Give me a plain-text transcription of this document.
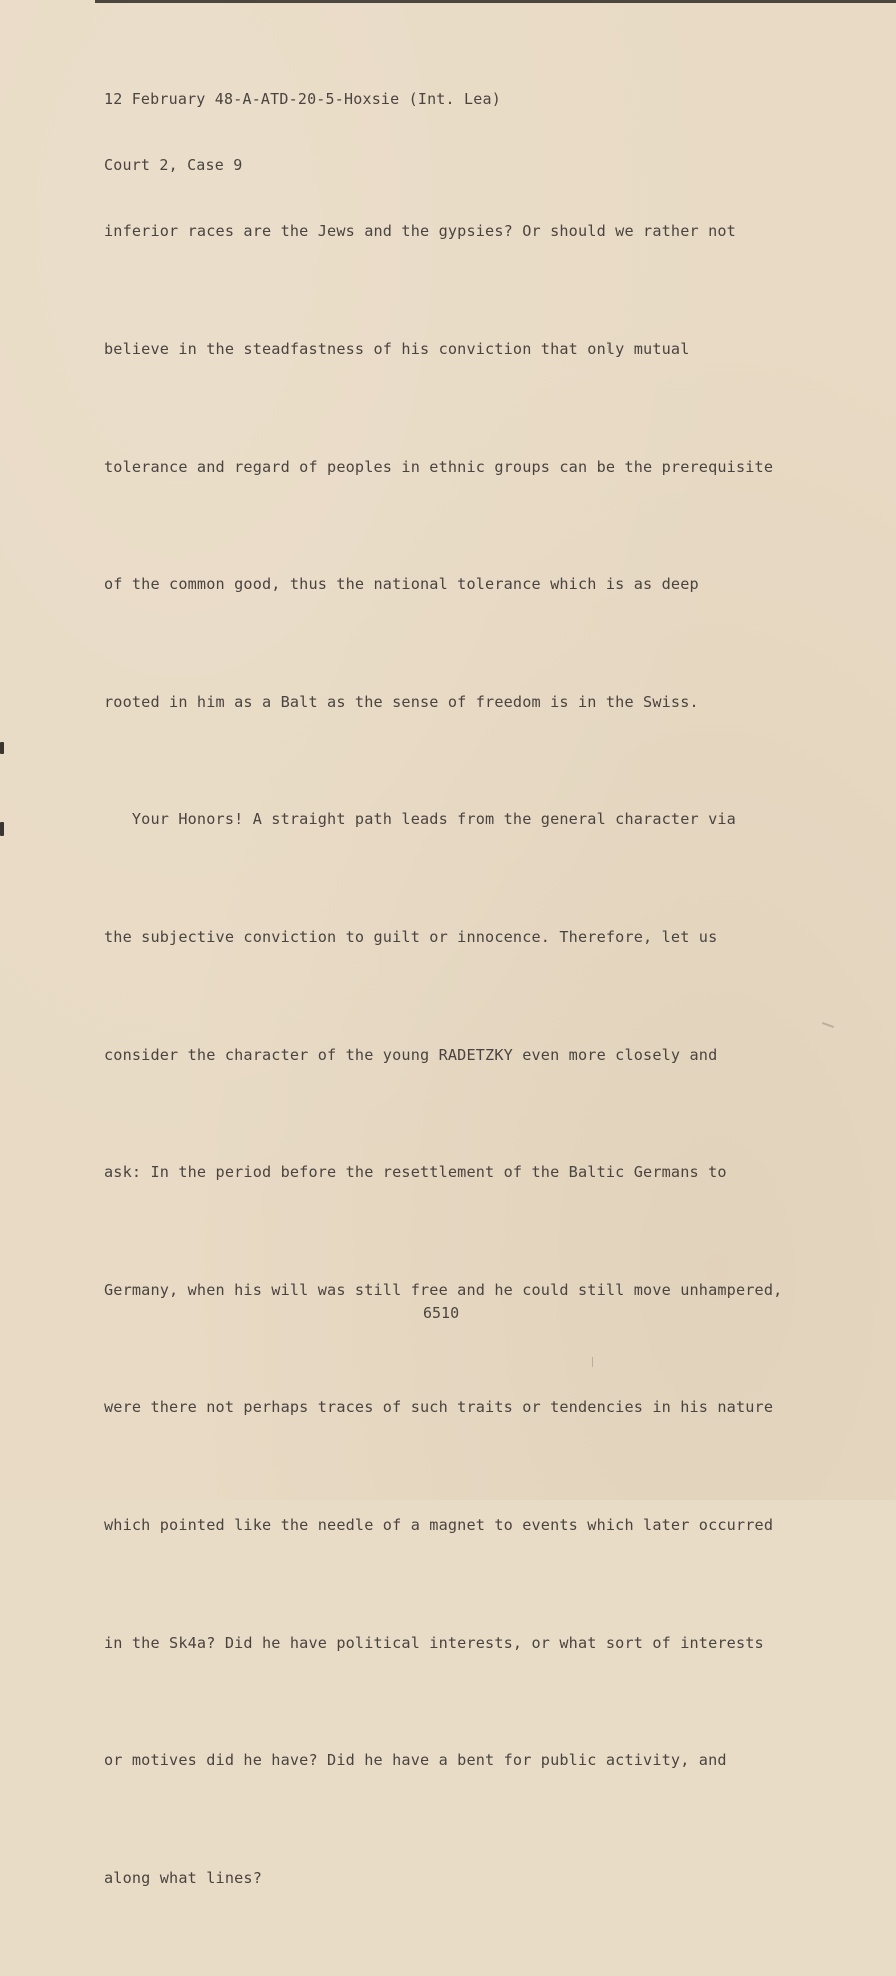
12 February 48-A-ATD-20-5-Hoxsie (Int. Lea)

Court 2, Case 9

inferior races are the Jews and the gypsies? Or should we rather not

believe in the steadfastness of his conviction that only mutual

tolerance and regard of peoples in ethnic groups can be the prerequisite

of the common good, thus the national tolerance which is as deep

rooted in him as a Balt as the sense of freedom is in the Swiss.

Your Honors! A straight path leads from the general character via

the subjective conviction to guilt or innocence. Therefore, let us

consider the character of the young RADETZKY even more closely and

ask: In the period before the resettlement of the Baltic Germans to

Germany, when his will was still free and he could still move unhampered,

were there not perhaps traces of such traits or tendencies in his nature

which pointed like the needle of a magnet to events which later occurred

in the Sk4a? Did he have political interests, or what sort of interests

or motives did he have? Did he have a bent for public activity, and

along what lines?

6510
